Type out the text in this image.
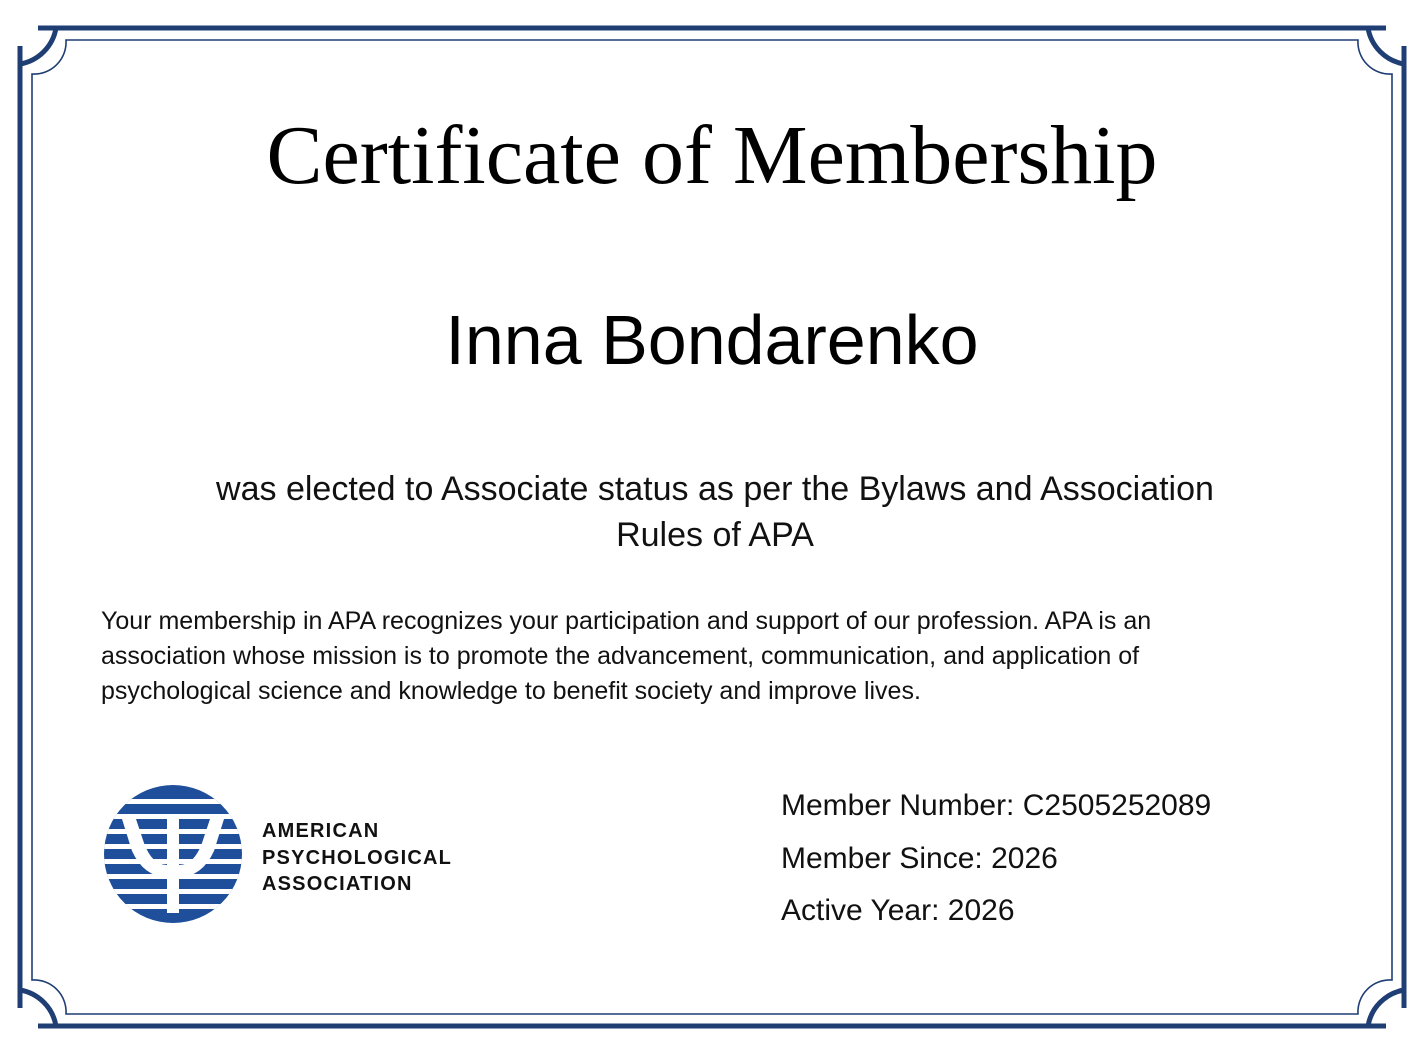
Certificate of Membership
Inna Bondarenko
was elected to Associate status as per the Bylaws and Association
Rules of APA
Your membership in APA recognizes your participation and support of our profession. APA is an
association whose mission is to promote the advancement, communication, and application of
psychological science and knowledge to benefit society and improve lives.
AMERICAN
PSYCHOLOGICAL
ASSOCIATION
Member Number: C2505252089
Member Since: 2026
Active Year: 2026
